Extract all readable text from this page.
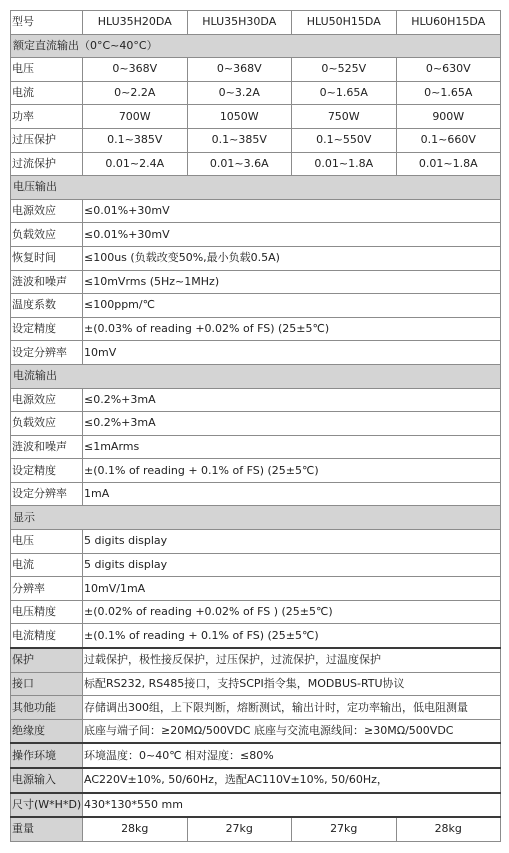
型号	HLU35H20DA	HLU35H30DA	HLU50H15DA	HLU60H15DA
额定直流输出（0°C~40°C）				
电压	0~368V	0~368V	0~525V	0~630V
电流	0~2.2A	0~3.2A	0~1.65A	0~1.65A
功率	700W	1050W	750W	900W
过压保护	0.1~385V	0.1~385V	0.1~550V	0.1~660V
过流保护	0.01~2.4A	0.01~3.6A	0.01~1.8A	0.01~1.8A
电压输出				
电源效应	≤0.01%+30mV			
负载效应	≤0.01%+30mV			
恢复时间	≤100us (负载改变50%,最小负载0.5A)			
涟波和噪声	≤10mVrms (5Hz~1MHz)			
温度系数	≤100ppm/℃			
设定精度	±(0.03% of reading +0.02% of FS) (25±5℃)			
设定分辨率	10mV			
电流输出				
电源效应	≤0.2%+3mA			
负载效应	≤0.2%+3mA			
涟波和噪声	≤1mArms			
设定精度	±(0.1% of reading + 0.1% of FS) (25±5℃)			
设定分辨率	1mA			
显示				
电压	5 digits display			
电流	5 digits display			
分辨率	10mV/1mA			
电压精度	±(0.02% of reading +0.02% of FS ) (25±5℃)			
电流精度	±(0.1% of reading + 0.1% of FS) (25±5℃)			
保护	过载保护，极性接反保护，过压保护，过流保护，过温度保护			
接口	标配RS232, RS485接口，支持SCPI指令集，MODBUS-RTU协议			
其他功能	存储调出300组，上下限判断，熔断测试，输出计时，定功率输出，低电阻测量			
绝缘度	底座与端子间：≥20MΩ/500VDC 底座与交流电源线间：≥30MΩ/500VDC			
操作环境	环境温度：0~40℃ 相对湿度：≤80%			
电源输入	AC220V±10%, 50/60Hz，选配AC110V±10%, 50/60Hz，			
尺寸(W*H*D)	430*130*550 mm			
重量	28kg	27kg	27kg	28kg
